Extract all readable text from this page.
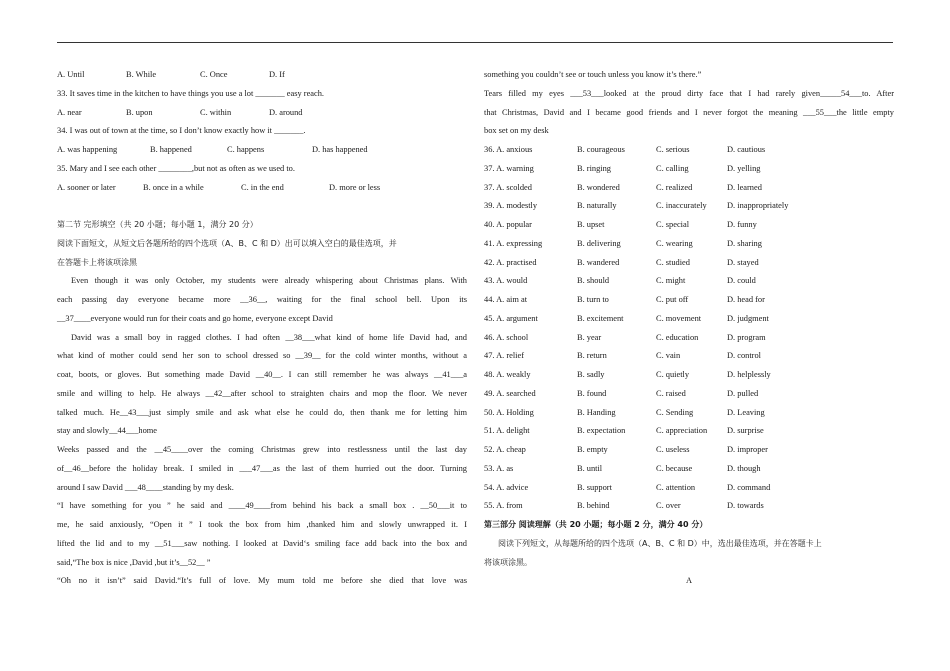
A. Until	B. While	C. Once	D. If
33. It saves time in the kitchen to have things you use a lot _______ easy reach.
A. near	B. upon	C. within	D. around
34. I was out of town at the time, so I don’t know exactly how it _______.
A. was happening	B. happened	C. happens	D. has happened
35. Mary and I see each other ________,but not as often as we used to.
A. sooner or later	B. once in a while	C. in the end	D. more or less
第二节 完形填空（共 20 小题；每小题 1，满分 20 分）
阅读下面短文，从短文后各题所给的四个选项（A、B、C 和 D）出可以填入空白的最佳选项，并
在答题卡上将该项涂黑
Even though it was only October, my students were already whispering about Christmas plans. With
each passing day everyone became more __36__, waiting for the final school bell. Upon its
__37____everyone would run for their coats and go home, everyone except David
David was a small boy in ragged clothes. I had often __38___what kind of home life David had, and
what kind of mother could send her son to school dressed so __39__ for the cold winter months, without a
coat, boots, or gloves. But something made David __40__. I can still remember he was always __41___a
smile and willing to help. He always __42__after school to straighten chairs and mop the floor. We never
talked much. He__43___just simply smile and ask what else he could do, then thank me for letting him
stay and slowly__44___home
Weeks passed and the __45____over the coming Christmas grew into restlessness until the last day
of__46__before the holiday break. I smiled in ___47___as the last of them hurried out the door. Turning
around I saw David ___48____standing by my desk.
“I have something for you ” he said and ____49____from behind his back a small box . __50___it to
me, he said anxiously, “Open it ” I took the box from him ,thanked him and slowly unwrapped it. I
lifted the lid and to my __51___saw nothing. I looked at David‘s smiling face add back into the box and
said,“The box is nice ,David ,but it’s__52__ ”
“Oh no it isn’t” said David.“It’s full of love. My mum told me before she died that love was
something you couldn’t see or touch unless you know it’s there.”
Tears filled my eyes ___53___looked at the proud dirty face that I had rarely given_____54___to. After
that Christmas, David and I became good friends and I never forgot the meaning ___55___the little empty
box set on my desk
36. A. anxious	B. courageous	C. serious	D. cautious
37. A. warning	B. ringing	C. calling	D. yelling
37. A. scolded	B. wondered	C. realized	D. learned
39. A. modestly	B. naturally	C. inaccurately D. inappropriately
40. A. popular	B. upset	C. special	D. funny
41. A. expressing	B. delivering	C. wearing	D. sharing
42. A. practised	B. wandered	C. studied	D. stayed
43. A. would	B. should	C. might	D. could
44. A. aim at	B. turn to	C. put off	D. head for
45. A. argument	B. excitement	C. movement	D. judgment
46. A. school	B. year	C. education	D. program
47. A. relief	B. return	C. vain	D. control
48. A. weakly	B. sadly	C. quietly	D. helplessly
49. A. searched	B. found	C. raised	D. pulled
50. A. Holding	B. Handing	C. Sending	D. Leaving
51. A. delight	B. expectation	C. appreciation D. surprise
52. A. cheap	B. empty	C. useless	D. improper
53. A. as	B. until	C. because	D. though
54. A. advice	B. support	C. attention	D. command
55. A. from	B. behind	C. over	D. towards
第三部分 阅读理解（共 20 小题；每小题 2 分，满分 40 分）
阅读下列短文，从每题所给的四个选项（A、B、C 和 D）中，选出最佳选项，并在答题卡上
将该项涂黑。
A
